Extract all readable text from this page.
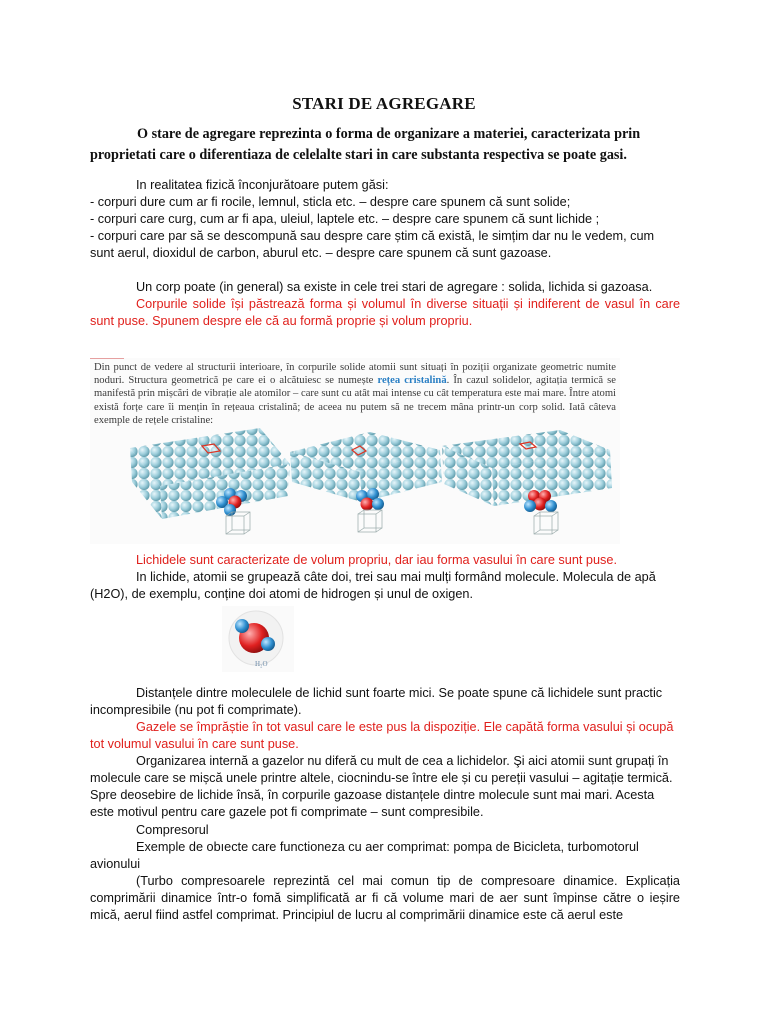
STARI DE AGREGARE
O stare de agregare reprezinta o forma de organizare a materiei, caracterizata prin proprietati care o diferentiaza de celelalte stari in care substanta respectiva se poate gasi.
In realitatea fizică înconjurătoare putem găsi:
- corpuri dure cum ar fi rocile, lemnul, sticla etc. – despre care spunem că sunt solide;
- corpuri care curg, cum ar fi apa, uleiul, laptele etc. – despre care spunem că sunt lichide ;
- corpuri care par să se descompună sau despre care știm că există, le simțim dar nu le vedem, cum sunt aerul, dioxidul de carbon, aburul etc. – despre care spunem că sunt gazoase.
Un corp poate (in general) sa existe in cele trei stari de agregare : solida, lichida si gazoasa.
Corpurile solide își păstrează forma și volumul în diverse situații și indiferent de vasul în care sunt puse. Spunem despre ele că au formă proprie și volum propriu.
Din punct de vedere al structurii interioare, în corpurile solide atomii sunt situați în poziții organizate geometric numite noduri. Structura geometrică pe care ei o alcătuiesc se numește rețea cristalină. În cazul solidelor, agitația termică se manifestă prin mișcări de vibrație ale atomilor – care sunt cu atât mai intense cu cât temperatura este mai mare. Între atomi există forțe care îi mențin în rețeaua cristalină; de aceea nu putem să ne trecem mâna printr-un corp solid. Iată câteva exemple de rețele cristaline:
Lichidele sunt caracterizate de volum propriu, dar iau forma vasului în care sunt puse.
In lichide, atomii se grupează câte doi, trei sau mai mulți formând molecule. Molecula de apă (H2O), de exemplu, conține doi atomi de hidrogen și unul de oxigen.
H₂O
Distanțele dintre moleculele de lichid sunt foarte mici. Se poate spune că lichidele sunt practic incompresibile (nu pot fi comprimate).
Gazele se împrăștie în tot vasul care le este pus la dispoziție. Ele capătă forma vasului și ocupă tot volumul vasului în care sunt puse.
Organizarea internă a gazelor nu diferă cu mult de cea a lichidelor. Şi aici atomii sunt grupați în molecule care se mișcă unele printre altele, ciocnindu-se între ele și cu pereții vasului – agitație termică. Spre deosebire de lichide însă, în corpurile gazoase distanțele dintre molecule sunt mai mari. Acesta este motivul pentru care gazele pot fi comprimate – sunt compresibile.
Compresorul
Exemple de obıecte care functioneza cu aer comprimat: pompa de Bicicleta, turbomotorul avionului
(Turbo compresoarele reprezintă cel mai comun tip de compresoare dinamice. Explicația comprimării dinamice într-o fomă simplificată ar fi că volume mari de aer sunt împinse către o ieșire mică, aerul fiind astfel comprimat. Principiul de lucru al comprimării dinamice este că aerul este
